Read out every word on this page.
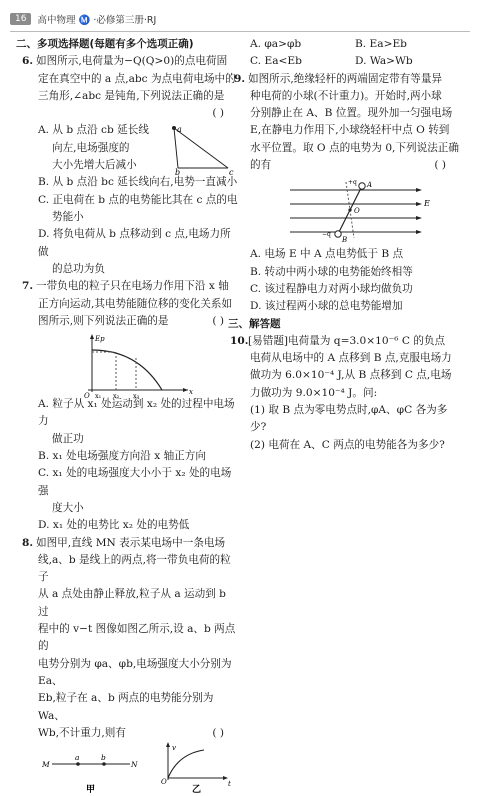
16	高中物理 Ⓜ️ ·必修第三册·RJ

二、多项选择题(每题有多个选项正确)

6. 如图所示,电荷量为−Q(Q>0)的点电荷固

定在真空中的 a 点,abc 为点电荷电场中的

三角形,∠abc 是钝角,下列说法正确的是

( )

A. 从 b 点沿 cb 延长线

向左,电场强度的

大小先增大后减小

a
b	c

B. 从 b 点沿 bc 延长线向右,电势一直减小

C. 正电荷在 b 点的电势能比其在 c 点的电

势能小

D. 将负电荷从 b 点移动到 c 点,电场力所做

的总功为负

7. 一带负电的粒子只在电场力作用下沿 x 轴

正方向运动,其电势能随位移的变化关系如

图所示,则下列说法正确的是	( )

Ep
x
O x₁ x₂ x₃

A. 粒子从 x₁ 处运动到 x₂ 处的过程中电场力

做正功

B. x₁ 处电场强度方向沿 x 轴正方向

C. x₁ 处的电场强度大小小于 x₂ 处的电场强

度大小

D. x₁ 处的电势比 x₂ 处的电势低

8. 如图甲,直线 MN 表示某电场中一条电场

线,a、b 是线上的两点,将一带负电荷的粒子

从 a 点处由静止释放,粒子从 a 运动到 b 过

程中的 v−t 图像如图乙所示,设 a、b 两点的

电势分别为 φa、φb,电场强度大小分别为 Ea、

Eb,粒子在 a、b 两点的电势能分别为 Wa、

Wb,不计重力,则有	( )

M
a	b
N
甲
v
t
O
乙
A. φa>φb	B. Ea>Eb
C. Ea<Eb	D. Wa>Wb

9. 如图所示,绝缘轻杆的两端固定带有等量异

种电荷的小球(不计重力)。开始时,两小球

分别静止在 A、B 位置。现外加一匀强电场

E,在静电力作用下,小球绕轻杆中点 O 转到

水平位置。取 O 点的电势为 0,下列说法正确

的有	( )

A
B
O
E
+q
−q

A. 电场 E 中 A 点电势低于 B 点

B. 转动中两小球的电势能始终相等

C. 该过程静电力对两小球均做负功

D. 该过程两小球的总电势能增加

三、解答题

10.[易错题]电荷量为 q=3.0×10⁻⁶ C 的负点

电荷从电场中的 A 点移到 B 点,克服电场力

做功为 6.0×10⁻⁴ J,从 B 点移到 C 点,电场

力做功为 9.0×10⁻⁴ J。问:

(1) 取 B 点为零电势点时,φA、φC 各为多少?

(2) 电荷在 A、C 两点的电势能各为多少?
